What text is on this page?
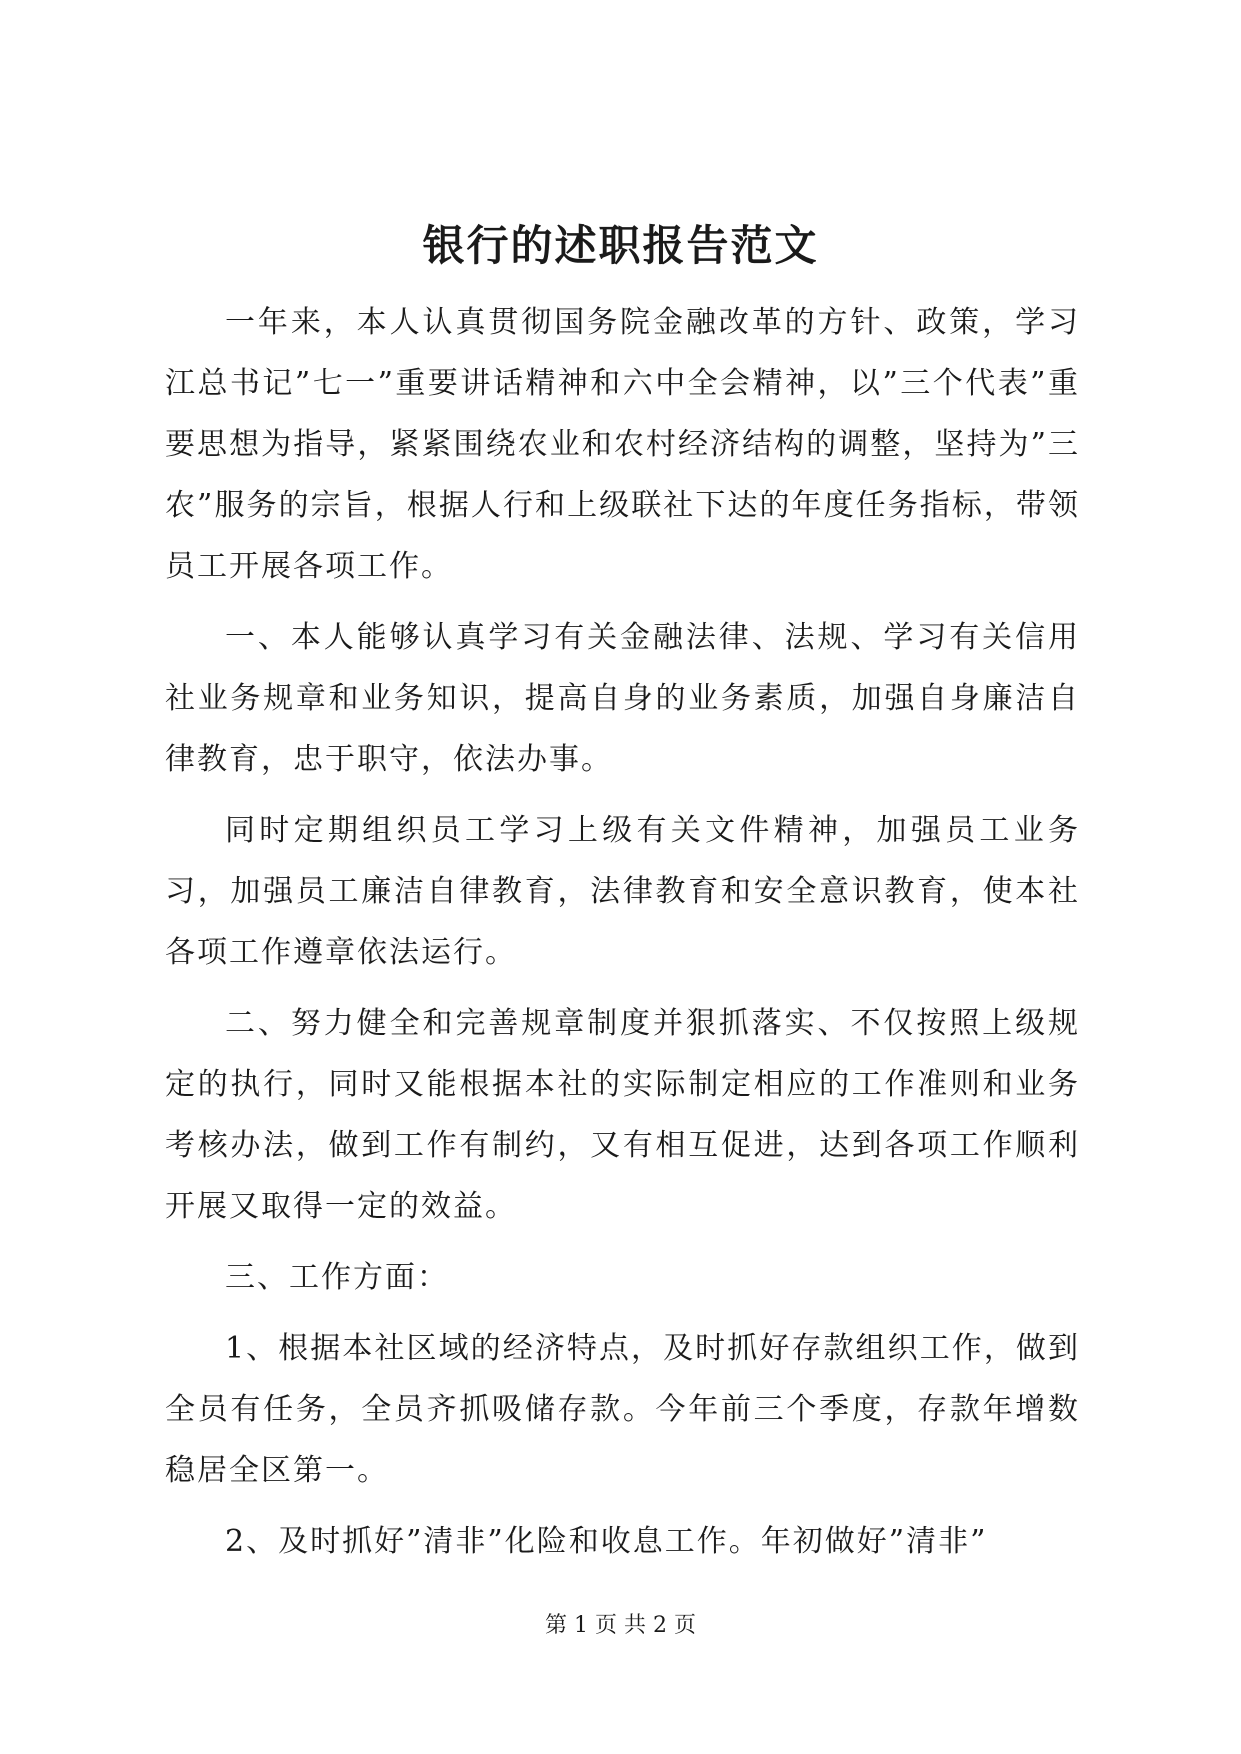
银行的述职报告范文

一年来，本人认真贯彻国务院金融改革的方针、政策，学习江总书记”七一”重要讲话精神和六中全会精神，以”三个代表”重要思想为指导，紧紧围绕农业和农村经济结构的调整，坚持为”三农”服务的宗旨，根据人行和上级联社下达的年度任务指标，带领员工开展各项工作。

一、本人能够认真学习有关金融法律、法规、学习有关信用社业务规章和业务知识，提高自身的业务素质，加强自身廉洁自律教育，忠于职守，依法办事。

同时定期组织员工学习上级有关文件精神，加强员工业务习，加强员工廉洁自律教育，法律教育和安全意识教育，使本社各项工作遵章依法运行。

二、努力健全和完善规章制度并狠抓落实、不仅按照上级规定的执行，同时又能根据本社的实际制定相应的工作准则和业务考核办法，做到工作有制约，又有相互促进，达到各项工作顺利开展又取得一定的效益。

三、工作方面：

1、根据本社区域的经济特点，及时抓好存款组织工作，做到全员有任务，全员齐抓吸储存款。今年前三个季度，存款年增数稳居全区第一。

2、及时抓好”清非”化险和收息工作。年初做好”清非”

第 1 页 共 2 页
